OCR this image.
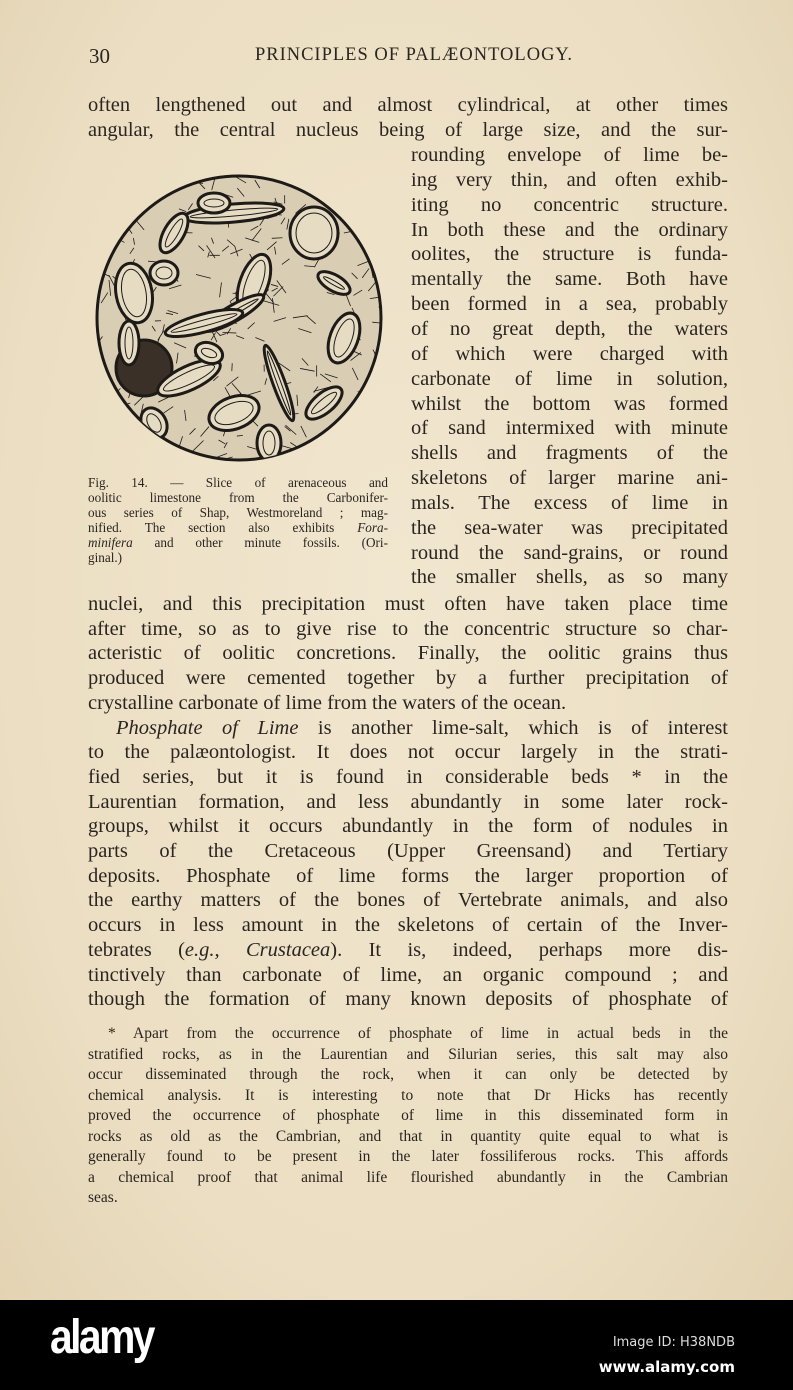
30	PRINCIPLES OF PALÆONTOLOGY.
often lengthened out and almost cylindrical, at other times
angular, the central nucleus being of large size, and the sur-
rounding envelope of lime be-
ing very thin, and often exhib-
iting no concentric structure.
In both these and the ordinary
oolites, the structure is funda-
mentally the same. Both have
been formed in a sea, probably
of no great depth, the waters
of which were charged with
carbonate of lime in solution,
whilst the bottom was formed
of sand intermixed with minute
shells and fragments of the
skeletons of larger marine ani-
mals. The excess of lime in
the sea-water was precipitated
round the sand-grains, or round
the smaller shells, as so many
nuclei, and this precipitation must often have taken place time
after time, so as to give rise to the concentric structure so char-
acteristic of oolitic concretions. Finally, the oolitic grains thus
produced were cemented together by a further precipitation of
crystalline carbonate of lime from the waters of the ocean.
Phosphate of Lime is another lime-salt, which is of interest
to the palæontologist. It does not occur largely in the strati-
fied series, but it is found in considerable beds * in the
Laurentian formation, and less abundantly in some later rock-
groups, whilst it occurs abundantly in the form of nodules in
parts of the Cretaceous (Upper Greensand) and Tertiary
deposits. Phosphate of lime forms the larger proportion of
the earthy matters of the bones of Vertebrate animals, and also
occurs in less amount in the skeletons of certain of the Inver-
tebrates (e.g., Crustacea). It is, indeed, perhaps more dis-
tinctively than carbonate of lime, an organic compound ; and
though the formation of many known deposits of phosphate of
Fig. 14. — Slice of arenaceous and
oolitic limestone from the Carbonifer-
ous series of Shap, Westmoreland ; mag-
nified. The section also exhibits Fora-
minifera and other minute fossils. (Ori-
ginal.)
* Apart from the occurrence of phosphate of lime in actual beds in the
stratified rocks, as in the Laurentian and Silurian series, this salt may also
occur disseminated through the rock, when it can only be detected by
chemical analysis. It is interesting to note that Dr Hicks has recently
proved the occurrence of phosphate of lime in this disseminated form in
rocks as old as the Cambrian, and that in quantity quite equal to what is
generally found to be present in the later fossiliferous rocks. This affords
a chemical proof that animal life flourished abundantly in the Cambrian
seas.
alamy	Image ID: H38NDB
www.alamy.com
